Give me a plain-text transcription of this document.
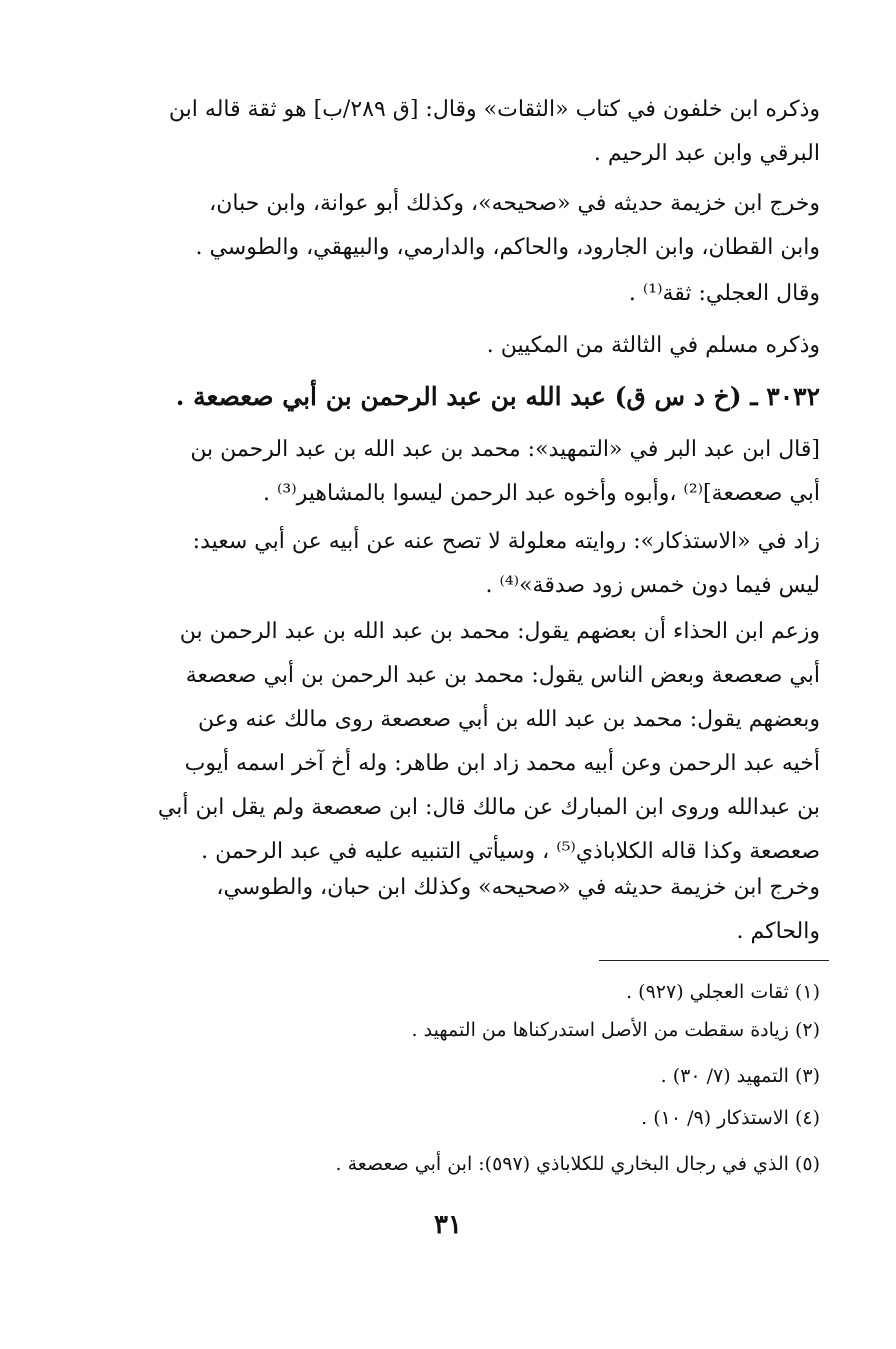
وذكره ابن خلفون في كتاب «الثقات» وقال: [ق ٢٨٩/ب] هو ثقة قاله ابن
البرقي وابن عبد الرحيم .
وخرج ابن خزيمة حديثه في «صحيحه»، وكذلك أبو عوانة، وابن حبان،
وابن القطان، وابن الجارود، والحاكم، والدارمي، والبيهقي، والطوسي .
وقال العجلي: ثقة⁽¹⁾ .
وذكره مسلم في الثالثة من المكيين .
٣٠٣٢ ـ (خ د س ق) عبد الله بن عبد الرحمن بن أبي صعصعة .
[قال ابن عبد البر في «التمهيد»: محمد بن عبد الله بن عبد الرحمن بن
أبي صعصعة]⁽²⁾ ،وأبوه وأخوه عبد الرحمن ليسوا بالمشاهير⁽³⁾ .
زاد في «الاستذكار»: روايته معلولة لا تصح عنه عن أبيه عن أبي سعيد:
ليس فيما دون خمس زود صدقة»⁽⁴⁾ .
وزعم ابن الحذاء أن بعضهم يقول: محمد بن عبد الله بن عبد الرحمن بن
أبي صعصعة وبعض الناس يقول: محمد بن عبد الرحمن بن أبي صعصعة
وبعضهم يقول: محمد بن عبد الله بن أبي صعصعة روى مالك عنه وعن
أخيه عبد الرحمن وعن أبيه محمد زاد ابن طاهر: وله أخ آخر اسمه أيوب
بن عبدالله وروى ابن المبارك عن مالك قال: ابن صعصعة ولم يقل ابن أبي
صعصعة وكذا قاله الكلاباذي⁽⁵⁾ ، وسيأتي التنبيه عليه في عبد الرحمن .
وخرج ابن خزيمة حديثه في «صحيحه» وكذلك ابن حبان، والطوسي،
والحاكم .
(١) ثقات العجلي (٩٢٧) .
(٢) زيادة سقطت من الأصل استدركناها من التمهيد .
(٣) التمهيد (٧/ ٣٠) .
(٤) الاستذكار (٩/ ١٠) .
(٥) الذي في رجال البخاري للكلاباذي (٥٩٧): ابن أبي صعصعة .
٣١
